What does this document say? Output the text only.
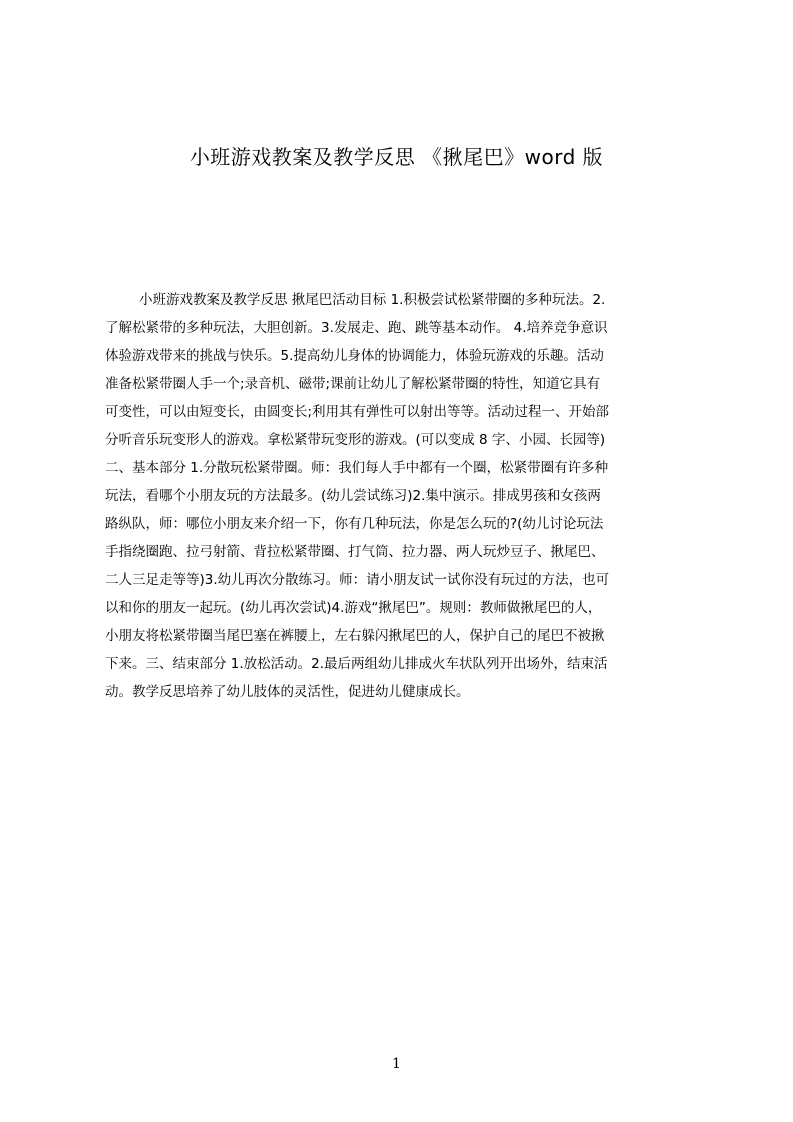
小班游戏教案及教学反思 《揪尾巴》word 版
小班游戏教案及教学反思 揪尾巴活动目标 1.积极尝试松紧带圈的多种玩法。2.
了解松紧带的多种玩法，大胆创新。3.发展走、跑、跳等基本动作。 4.培养竞争意识
体验游戏带来的挑战与快乐。5.提高幼儿身体的协调能力，体验玩游戏的乐趣。活动
准备松紧带圈人手一个;录音机、磁带;课前让幼儿了解松紧带圈的特性，知道它具有
可变性，可以由短变长，由圆变长;利用其有弹性可以射出等等。活动过程一、开始部
分听音乐玩变形人的游戏。拿松紧带玩变形的游戏。(可以变成 8 字、小园、长园等)
二、基本部分 1.分散玩松紧带圈。师：我们每人手中都有一个圈，松紧带圈有许多种
玩法，看哪个小朋友玩的方法最多。(幼儿尝试练习)2.集中演示。排成男孩和女孩两
路纵队，师：哪位小朋友来介绍一下，你有几种玩法，你是怎么玩的?(幼儿讨论玩法
手指绕圈跑、拉弓射箭、背拉松紧带圈、打气筒、拉力器、两人玩炒豆子、揪尾巴、
二人三足走等等)3.幼儿再次分散练习。师：请小朋友试一试你没有玩过的方法，也可
以和你的朋友一起玩。(幼儿再次尝试)4.游戏“揪尾巴”。规则：教师做揪尾巴的人，
小朋友将松紧带圈当尾巴塞在裤腰上，左右躲闪揪尾巴的人，保护自己的尾巴不被揪
下来。三、结束部分 1.放松活动。2.最后两组幼儿排成火车状队列开出场外，结束活
动。教学反思培养了幼儿肢体的灵活性，促进幼儿健康成长。
1
